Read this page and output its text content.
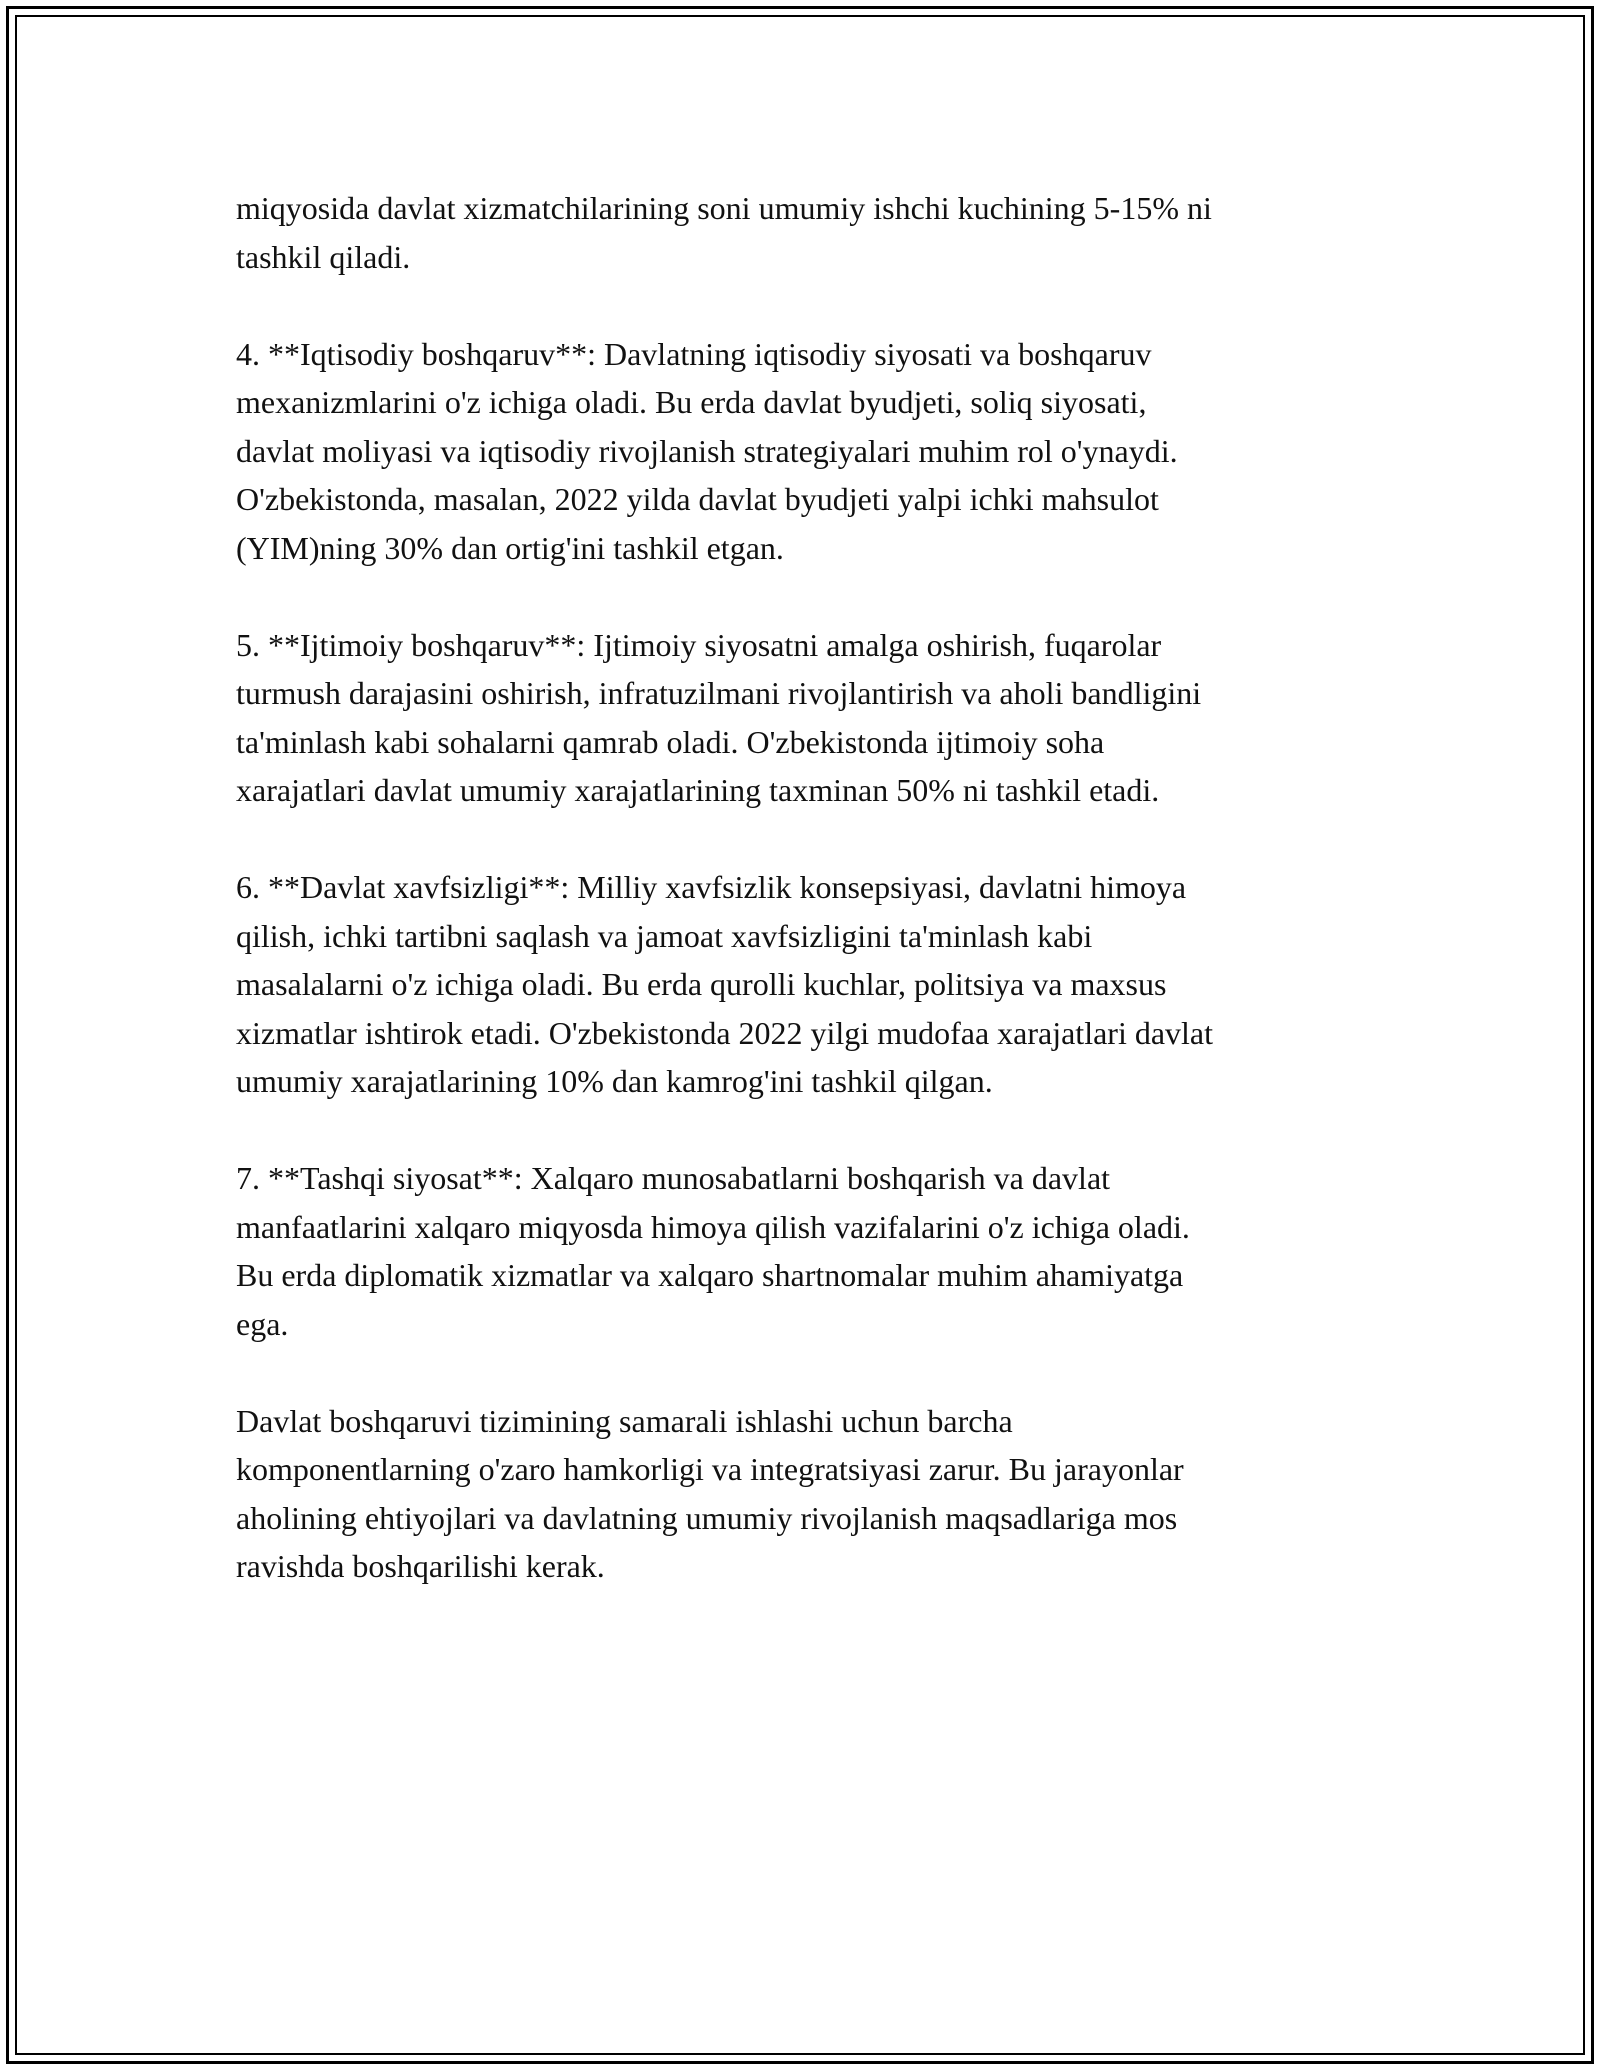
miqyosida davlat xizmatchilarining soni umumiy ishchi kuchining 5-15% ni
tashkil qiladi.

4. **Iqtisodiy boshqaruv**: Davlatning iqtisodiy siyosati va boshqaruv
mexanizmlarini o'z ichiga oladi. Bu erda davlat byudjeti, soliq siyosati,
davlat moliyasi va iqtisodiy rivojlanish strategiyalari muhim rol o'ynaydi.
O'zbekistonda, masalan, 2022 yilda davlat byudjeti yalpi ichki mahsulot
(YIM)ning 30% dan ortig'ini tashkil etgan.

5. **Ijtimoiy boshqaruv**: Ijtimoiy siyosatni amalga oshirish, fuqarolar
turmush darajasini oshirish, infratuzilmani rivojlantirish va aholi bandligini
ta'minlash kabi sohalarni qamrab oladi. O'zbekistonda ijtimoiy soha
xarajatlari davlat umumiy xarajatlarining taxminan 50% ni tashkil etadi.

6. **Davlat xavfsizligi**: Milliy xavfsizlik konsepsiyasi, davlatni himoya
qilish, ichki tartibni saqlash va jamoat xavfsizligini ta'minlash kabi
masalalarni o'z ichiga oladi. Bu erda qurolli kuchlar, politsiya va maxsus
xizmatlar ishtirok etadi. O'zbekistonda 2022 yilgi mudofaa xarajatlari davlat
umumiy xarajatlarining 10% dan kamrog'ini tashkil qilgan.

7. **Tashqi siyosat**: Xalqaro munosabatlarni boshqarish va davlat
manfaatlarini xalqaro miqyosda himoya qilish vazifalarini o'z ichiga oladi.
Bu erda diplomatik xizmatlar va xalqaro shartnomalar muhim ahamiyatga
ega.

Davlat boshqaruvi tizimining samarali ishlashi uchun barcha
komponentlarning o'zaro hamkorligi va integratsiyasi zarur. Bu jarayonlar
aholining ehtiyojlari va davlatning umumiy rivojlanish maqsadlariga mos
ravishda boshqarilishi kerak.
